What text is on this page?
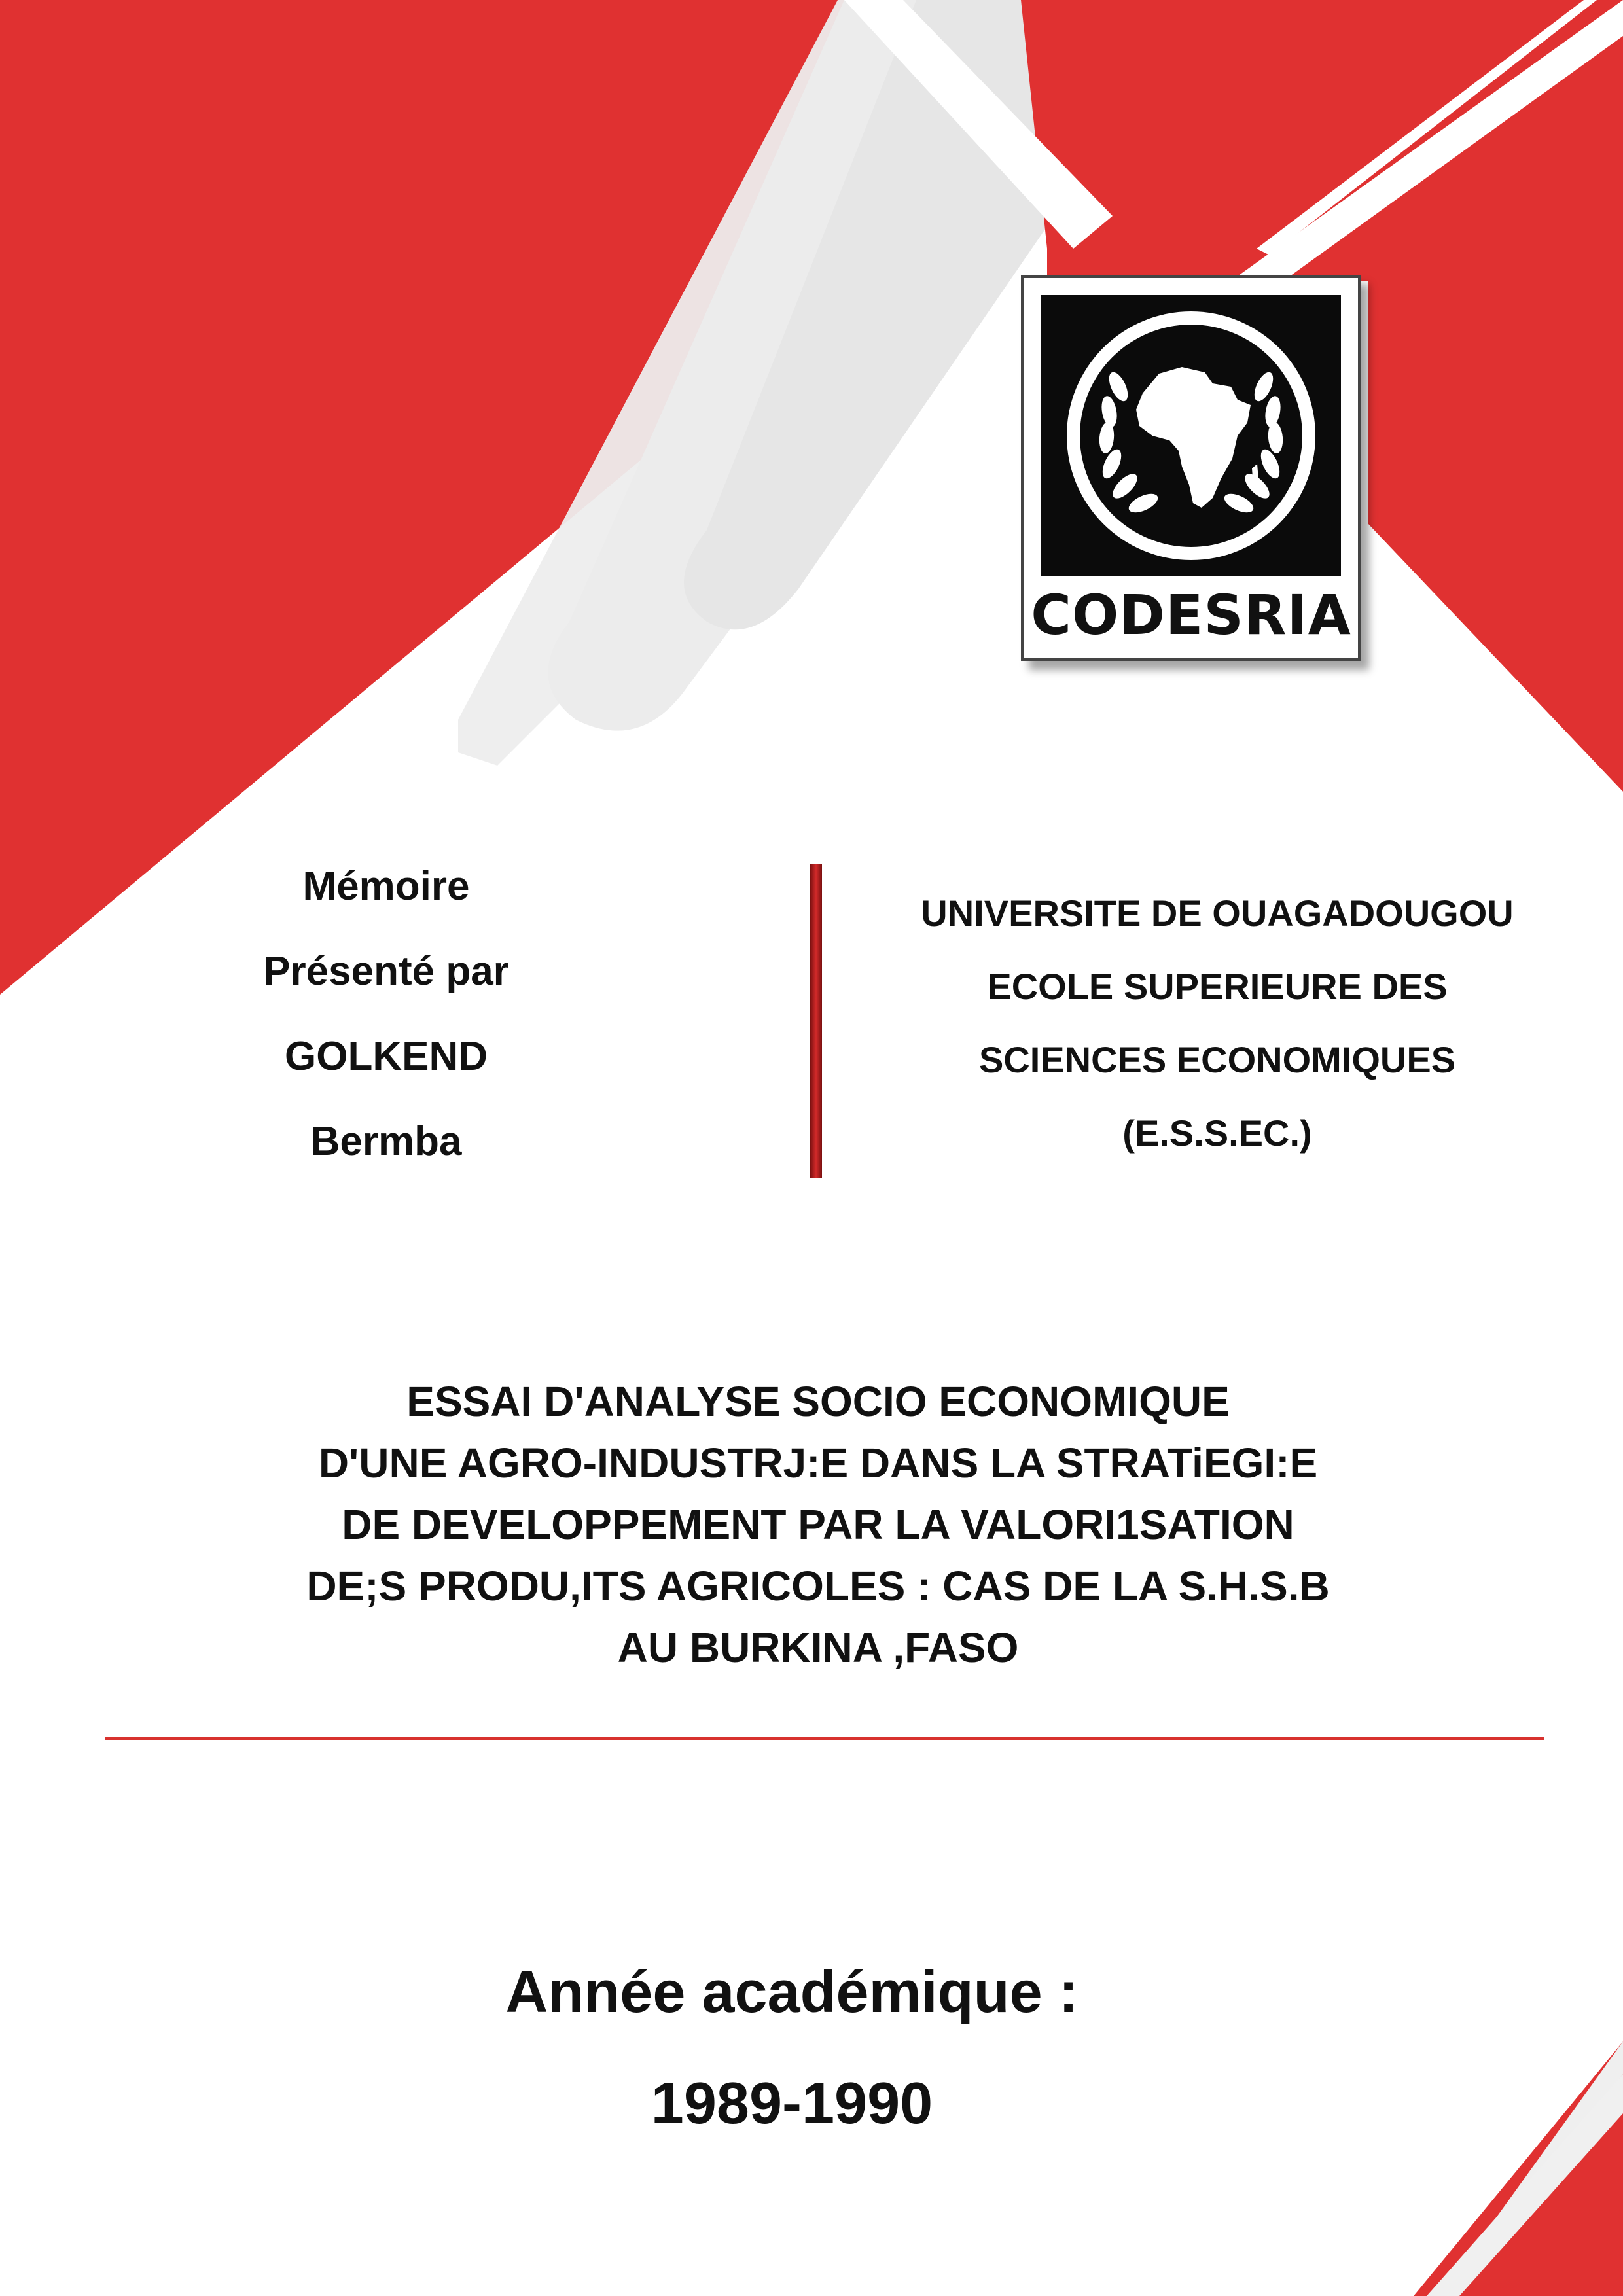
CODESRIA
Mémoire
Présenté par
GOLKEND
Bermba
UNIVERSITE DE OUAGADOUGOU
ECOLE SUPERIEURE DES
SCIENCES ECONOMIQUES
(E.S.S.EC.)
ESSAI D'ANALYSE SOCIO ECONOMIQUE
D'UNE AGRO-INDUSTRJ:E DANS LA STRATiEGI:E
DE DEVELOPPEMENT PAR LA VALORI1SATION
DE;S PRODU,ITS AGRICOLES : CAS DE LA S.H.S.B
AU BURKINA ,FASO
Année académique :
1989-1990
